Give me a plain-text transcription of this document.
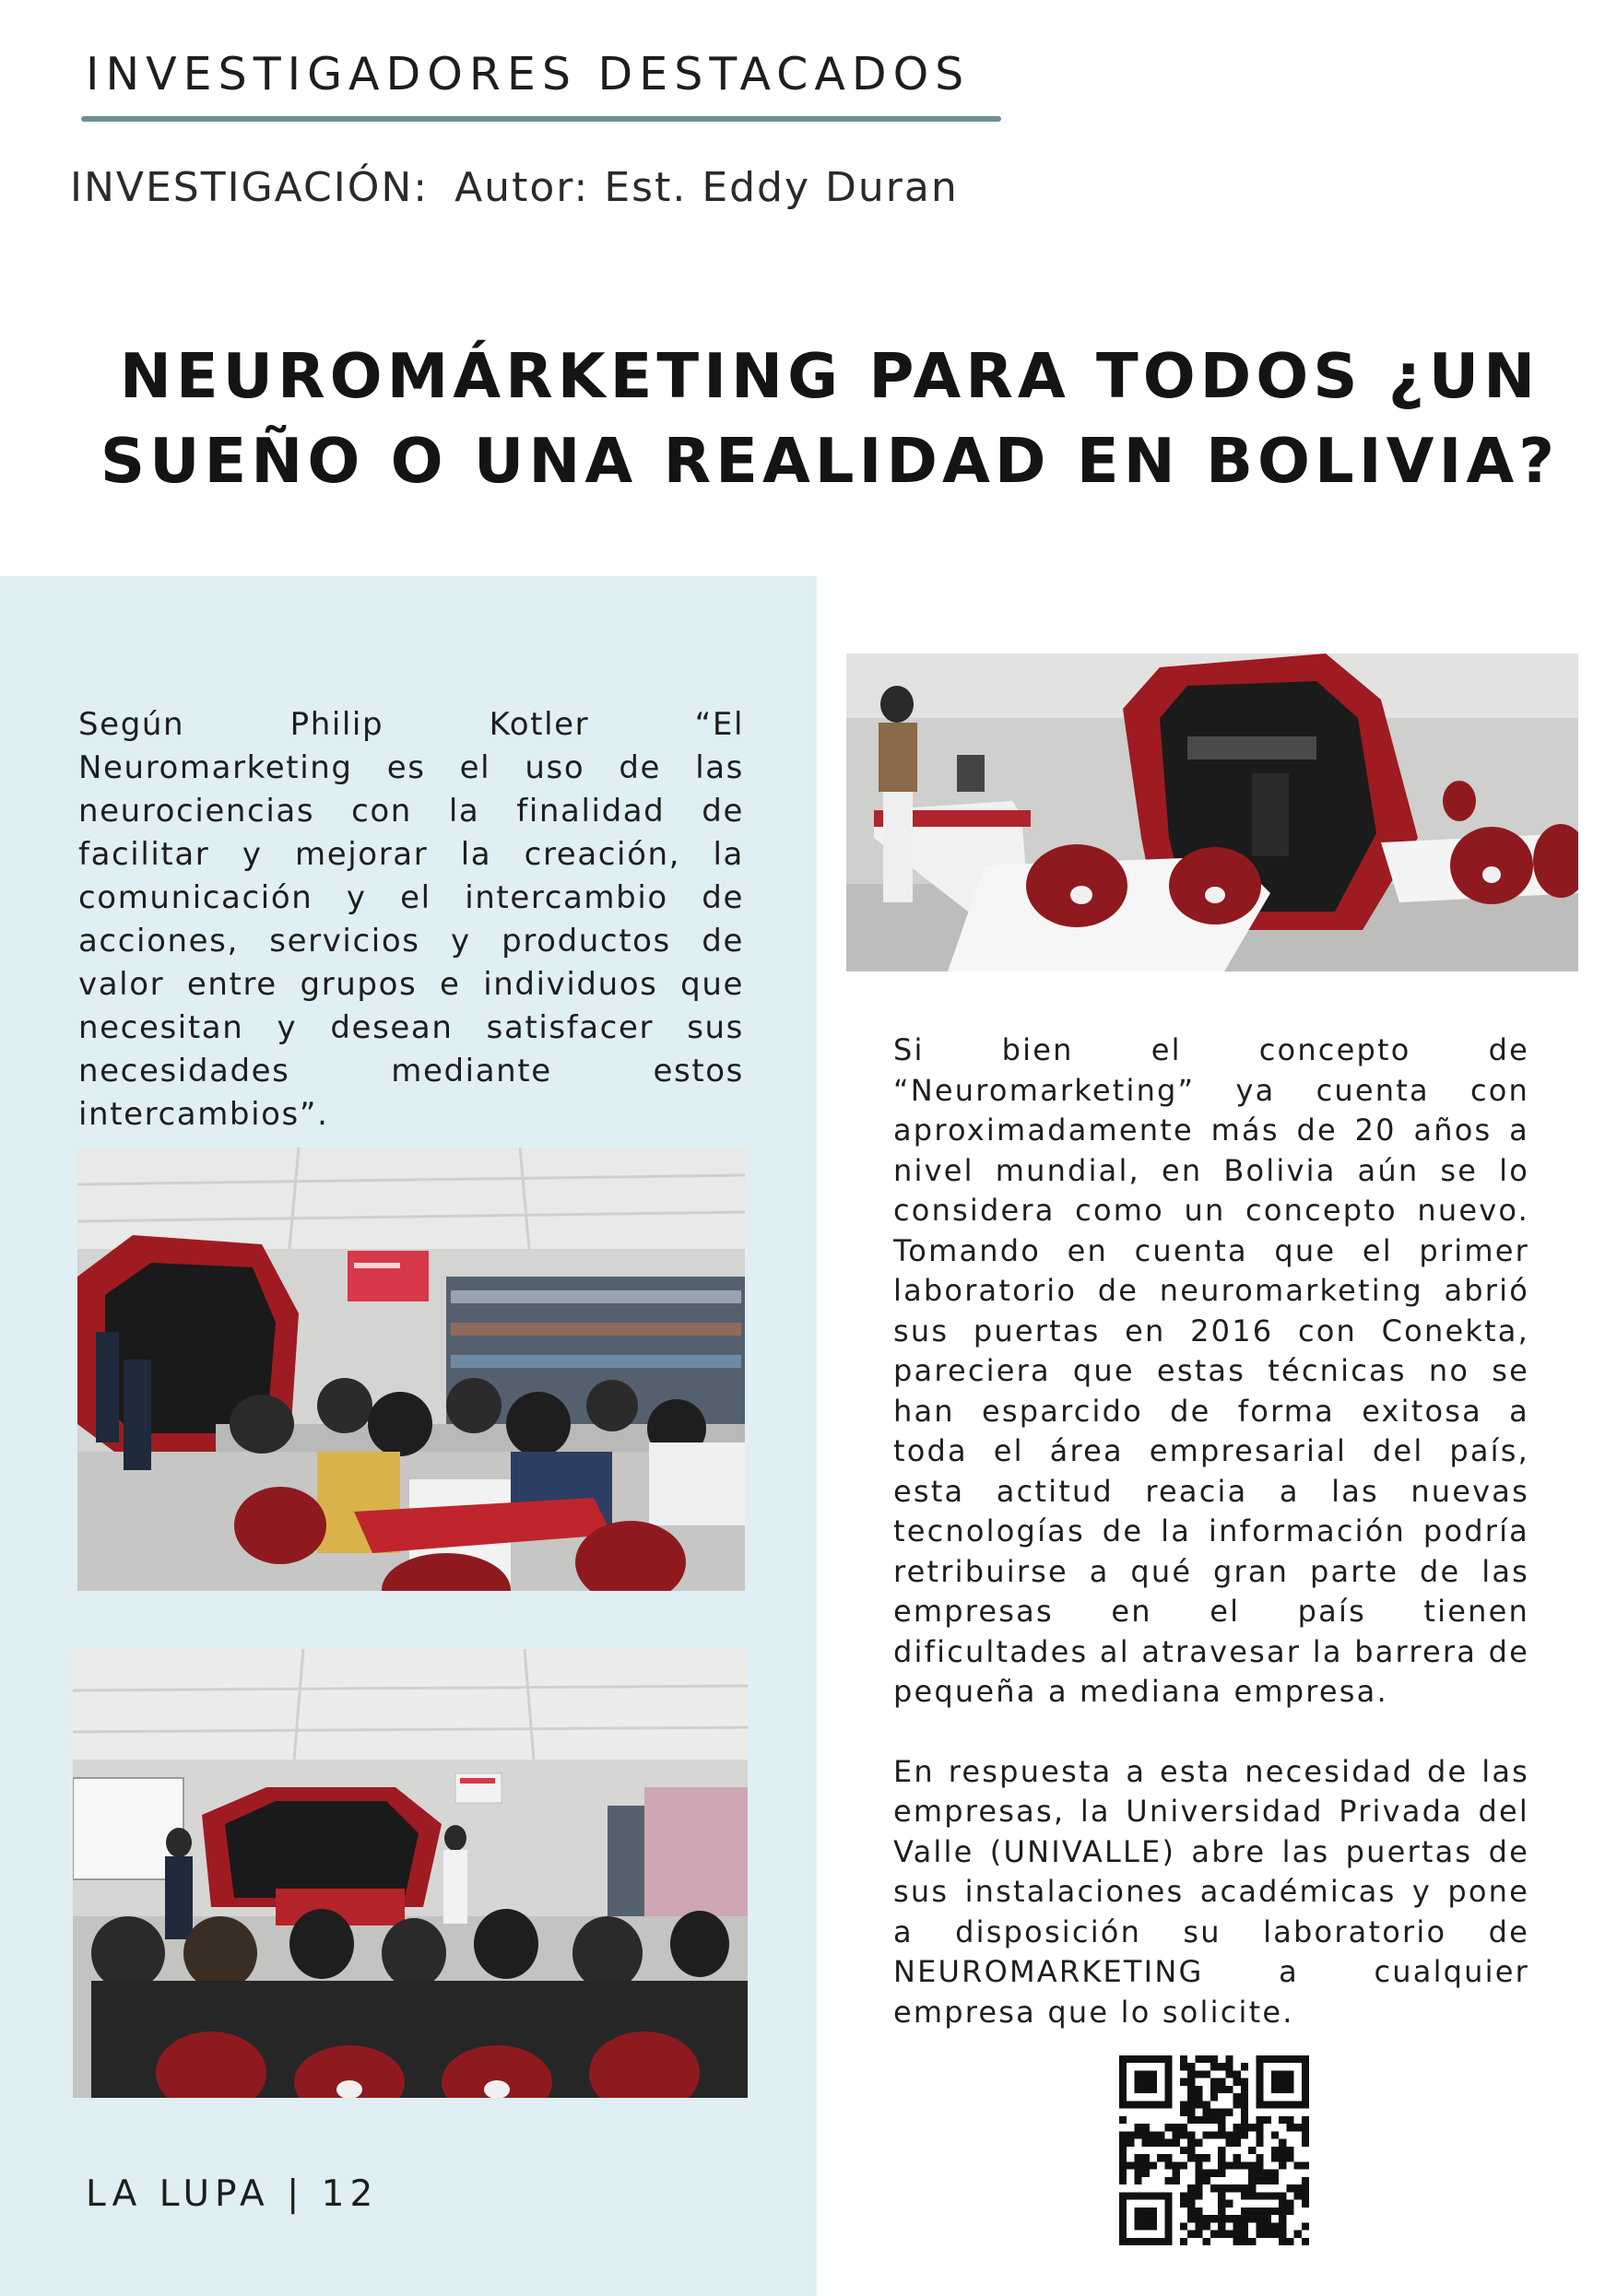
INVESTIGADORES DESTACADOS
INVESTIGACIÓN: Autor: Est. Eddy Duran
NEUROMÁRKETING PARA TODOS ¿UN
SUEÑO O UNA REALIDAD EN BOLIVIA?
Según Philip Kotler “El Neuromarketing es el uso de las neurociencias con la finalidad de facilitar y mejorar la creación, la comunicación y el intercambio de acciones, servicios y productos de valor entre grupos e individuos que necesitan y desean satisfacer sus necesidades mediante estos intercambios”.

Si bien el concepto de “Neuromarketing” ya cuenta con aproximadamente más de 20 años a nivel mundial, en Bolivia aún se lo considera como un concepto nuevo. Tomando en cuenta que el primer laboratorio de neuromarketing abrió sus puertas en 2016 con Conekta, pareciera que estas técnicas no se han esparcido de forma exitosa a toda el área empresarial del país, esta actitud reacia a las nuevas tecnologías de la información podría retribuirse a qué gran parte de las empresas en el país tienen dificultades al atravesar la barrera de pequeña a mediana empresa.

En respuesta a esta necesidad de las empresas, la Universidad Privada del Valle (UNIVALLE) abre las puertas de sus instalaciones académicas y pone a disposición su laboratorio de NEUROMARKETING a cualquier empresa que lo solicite.

LA LUPA | 12
